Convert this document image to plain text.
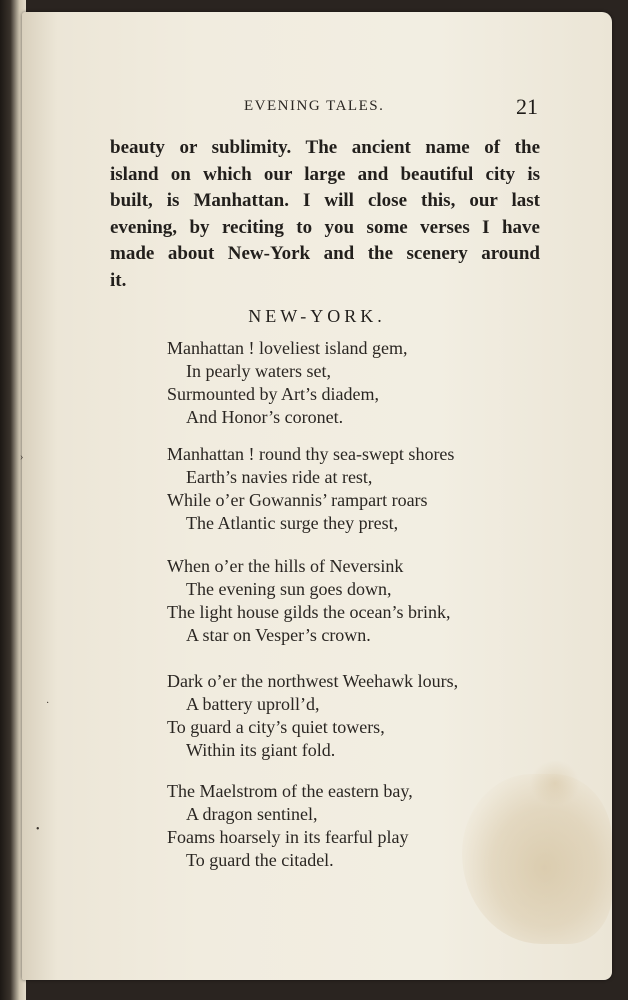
EVENING TALES.	21
beauty or sublimity. The ancient name of the
island on which our large and beautiful city is
built, is Manhattan. I will close this, our last
evening, by reciting to you some verses I have
made about New-York and the scenery around
it.
NEW-YORK.
Manhattan ! loveliest island gem,
In pearly waters set,
Surmounted by Art’s diadem,
And Honor’s coronet.
Manhattan ! round thy sea-swept shores
Earth’s navies ride at rest,
While o’er Gowannis’ rampart roars
The Atlantic surge they prest,
When o’er the hills of Neversink
The evening sun goes down,
The light house gilds the ocean’s brink,
A star on Vesper’s crown.
Dark o’er the northwest Weehawk lours,
A battery uproll’d,
To guard a city’s quiet towers,
Within its giant fold.
The Maelstrom of the eastern bay,
A dragon sentinel,
Foams hoarsely in its fearful play
To guard the citadel.
›
·
•
